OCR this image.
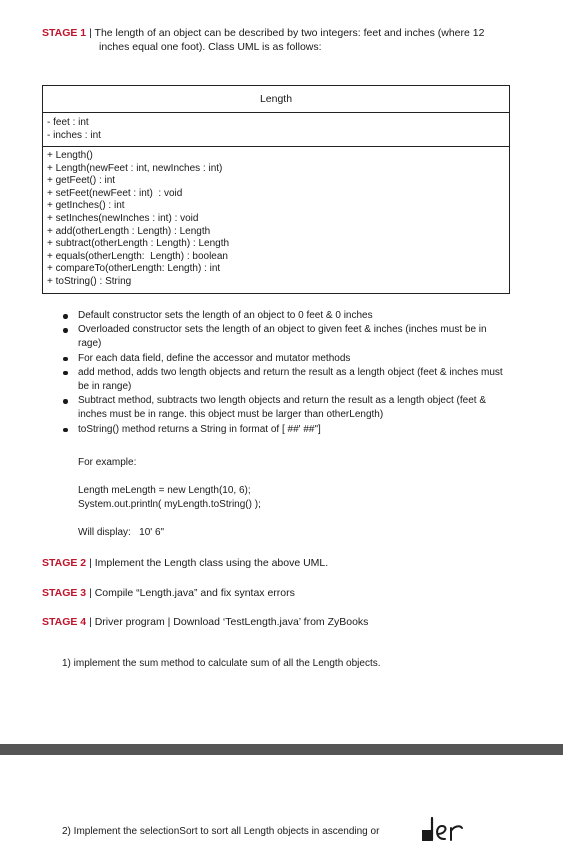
STAGE 1 | The length of an object can be described by two integers: feet and inches (where 12
inches equal one foot). Class UML is as follows:
Length
- feet : int
- inches : int
+ Length()
+ Length(newFeet : int, newInches : int)
+ getFeet() : int
+ setFeet(newFeet : int)  : void
+ getInches() : int
+ setInches(newInches : int) : void
+ add(otherLength : Length) : Length
+ subtract(otherLength : Length) : Length
+ equals(otherLength:  Length) : boolean
+ compareTo(otherLength: Length) : int
+ toString() : String
Default constructor sets the length of an object to 0 feet & 0 inches
Overloaded constructor sets the length of an object to given feet & inches (inches must be in rage)
For each data field, define the accessor and mutator methods
add method, adds two length objects and return the result as a length object (feet & inches must be in range)
Subtract method, subtracts two length objects and return the result as a length object (feet & inches must be in range. this object must be larger than otherLength)
toString() method returns a String in format of [ ##' ##"]
For example:
Length meLength = new Length(10, 6);
System.out.println( myLength.toString() );
Will display: 10' 6"
STAGE 2 | Implement the Length class using the above UML.
STAGE 3 | Compile “Length.java” and fix syntax errors
STAGE 4 | Driver program | Download ‘TestLength.java’ from ZyBooks
1) implement the sum method to calculate sum of all the Length objects.
2) Implement the selectionSort to sort all Length objects in ascending or
